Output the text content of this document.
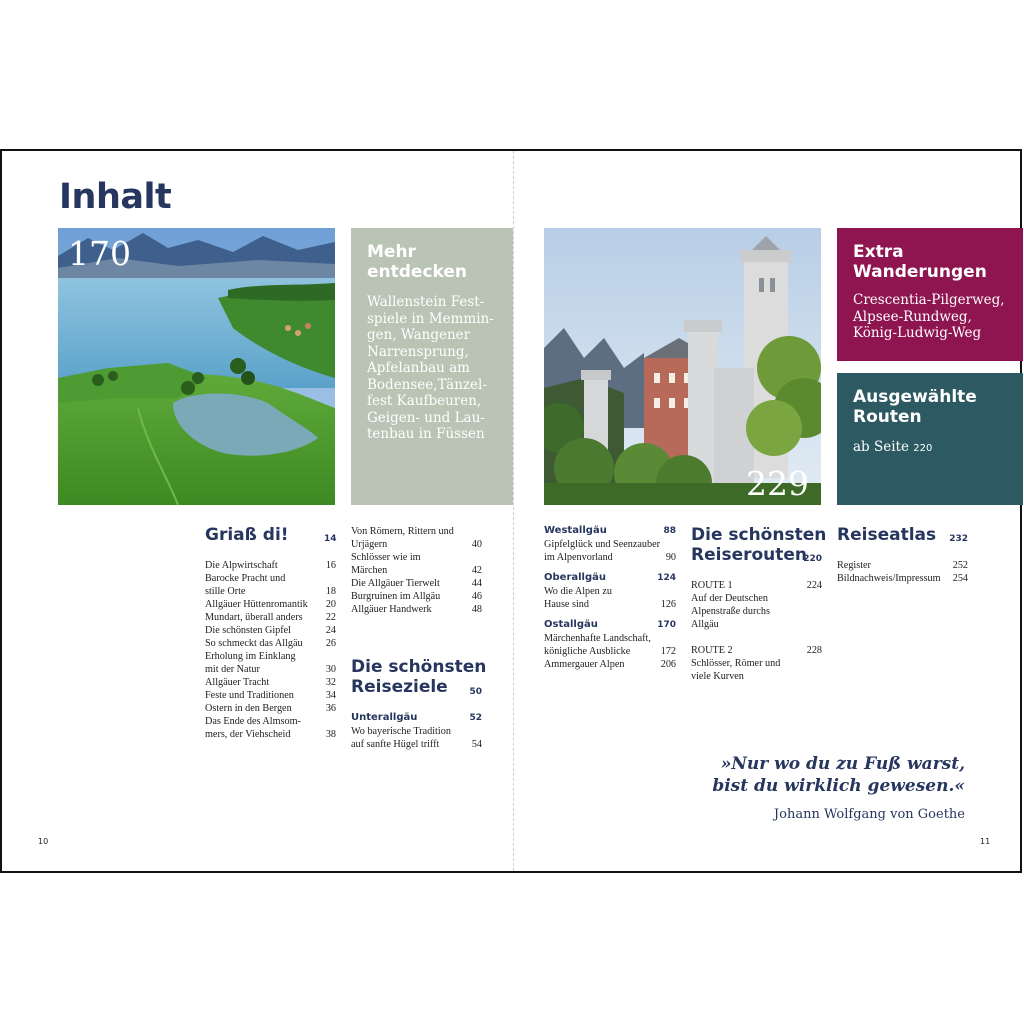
Inhalt
170	Mehr
entdecken
Wallenstein Fest-
spiele in Memmin-
gen, Wangener
Narrensprung,
Apfelanbau am
Bodensee,Tänzel-
fest Kaufbeuren,
Geigen- und Lau-
tenbau in Füssen
229
Extra
Wanderungen
Crescentia-Pilgerweg,
Alpsee-Rundweg,
König-Ludwig-Weg
Ausgewählte
Routen
ab Seite 220
Griaß di!	14
Die Alpwirtschaft	16
Barocke Pracht und
stille Orte	18
Allgäuer Hüttenromantik 20
Mundart, überall anders 22
Die schönsten Gipfel	24
So schmeckt das Allgäu 26
Erholung im Einklang
mit der Natur	30
Allgäuer Tracht	32
Feste und Traditionen	34
Ostern in den Bergen	36
Das Ende des Almsom-
mers, der Viehscheid	38
Von Römern, Rittern und
Urjägern	40
Schlösser wie im
Märchen	42
Die Allgäuer Tierwelt	44
Burgruinen im Allgäu	46
Allgäuer Handwerk	48
Die schönsten
Reiseziele	50
Unterallgäu	52
Wo bayerische Tradition
auf sanfte Hügel trifft	54
Westallgäu	88
Gipfelglück und Seenzauber
im Alpenvorland	90
Oberallgäu	124
Wo die Alpen zu
Hause sind	126
Ostallgäu	170
Märchenhafte Landschaft,
königliche Ausblicke	172
Ammergauer Alpen	206
Die schönsten
Reiserouten
220
ROUTE 1	224
Auf der Deutschen
Alpenstraße durchs
Allgäu
ROUTE 2	228
Schlösser, Römer und
viele Kurven
Reiseatlas	232
Register	252
Bildnachweis/Impressum 254
»Nur wo du zu Fuß warst,
bist du wirklich gewesen.«
Johann Wolfgang von Goethe
10	11
